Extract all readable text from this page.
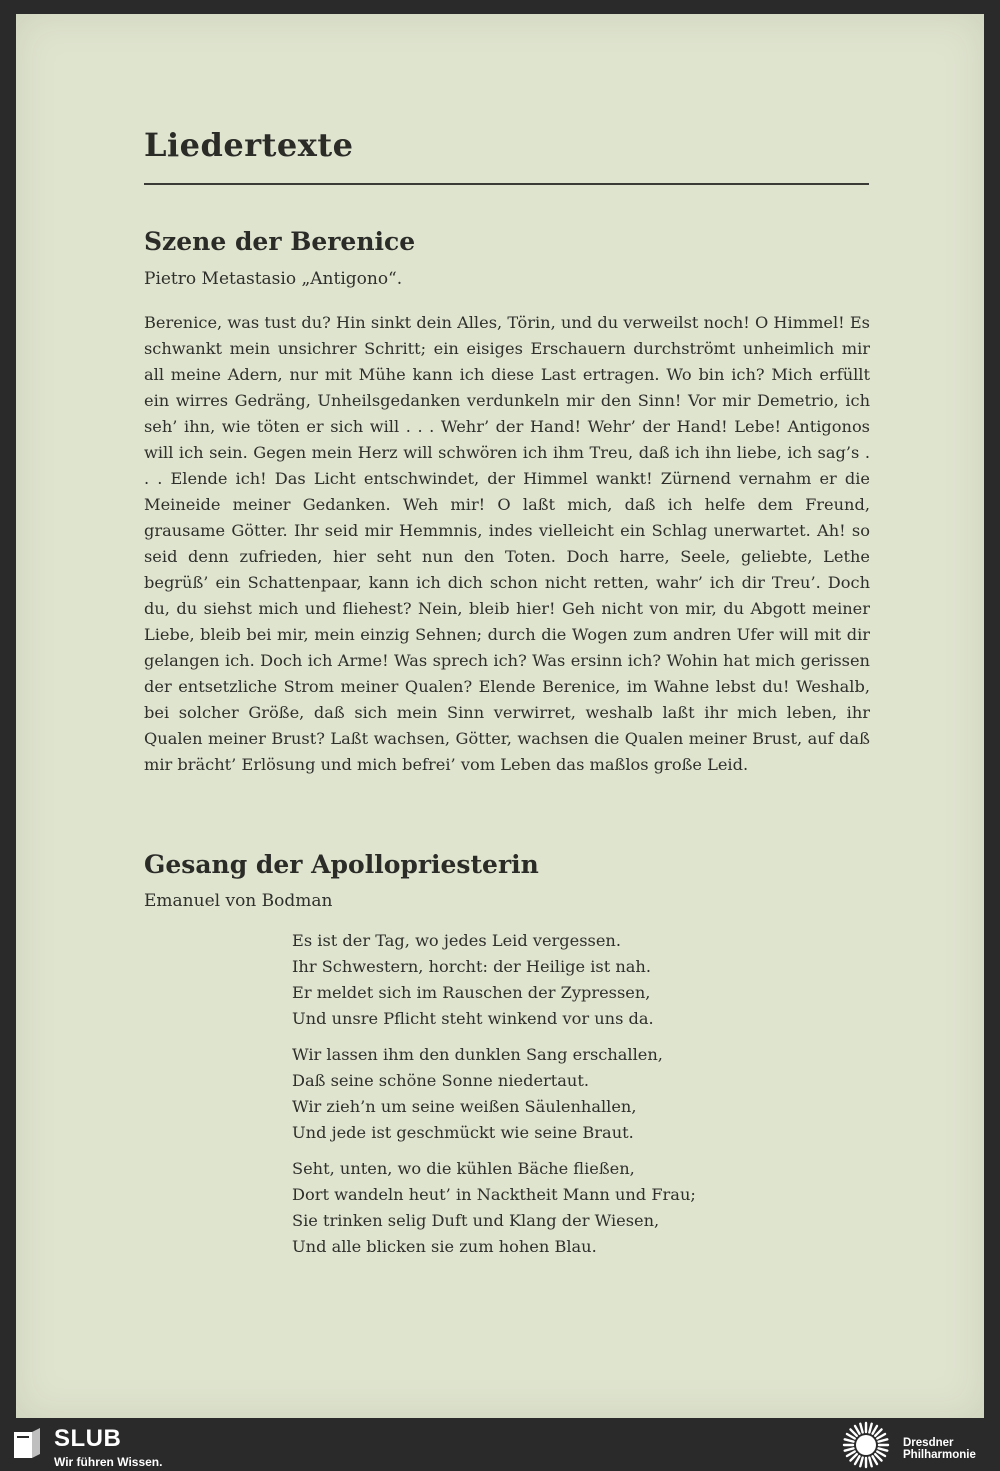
Liedertexte
Szene der Berenice

Pietro Metastasio „Antigono“.

Berenice, was tust du? Hin sinkt dein Alles, Törin, und du verweilst noch! O Himmel! Es schwankt mein unsichrer Schritt; ein eisiges Erschauern durchströmt unheimlich mir all meine Adern, nur mit Mühe kann ich diese Last ertragen. Wo bin ich? Mich erfüllt ein wirres Gedräng, Unheilsgedanken verdunkeln mir den Sinn! Vor mir Demetrio, ich seh’ ihn, wie töten er sich will . . . Wehr’ der Hand! Wehr’ der Hand! Lebe! Antigonos will ich sein. Gegen mein Herz will schwören ich ihm Treu, daß ich ihn liebe, ich sag’s . . . Elende ich! Das Licht entschwindet, der Himmel wankt! Zürnend vernahm er die Meineide meiner Gedanken. Weh mir! O laßt mich, daß ich helfe dem Freund, grausame Götter. Ihr seid mir Hemmnis, indes vielleicht ein Schlag unerwartet. Ah! so seid denn zufrieden, hier seht nun den Toten. Doch harre, Seele, geliebte, Lethe begrüß’ ein Schattenpaar, kann ich dich schon nicht retten, wahr’ ich dir Treu’. Doch du, du siehst mich und fliehest? Nein, bleib hier! Geh nicht von mir, du Abgott meiner Liebe, bleib bei mir, mein einzig Sehnen; durch die Wogen zum andren Ufer will mit dir gelangen ich. Doch ich Arme! Was sprech ich? Was ersinn ich? Wohin hat mich gerissen der entsetzliche Strom meiner Qualen? Elende Berenice, im Wahne lebst du! Weshalb, bei solcher Größe, daß sich mein Sinn verwirret, weshalb laßt ihr mich leben, ihr Qualen meiner Brust? Laßt wachsen, Götter, wachsen die Qualen meiner Brust, auf daß mir brächt’ Erlösung und mich befrei’ vom Leben das maßlos große Leid.

Gesang der Apollopriesterin

Emanuel von Bodman

Es ist der Tag, wo jedes Leid vergessen.
Ihr Schwestern, horcht: der Heilige ist nah.
Er meldet sich im Rauschen der Zypressen,
Und unsre Pflicht steht winkend vor uns da.
Wir lassen ihm den dunklen Sang erschallen,
Daß seine schöne Sonne niedertaut.
Wir zieh’n um seine weißen Säulenhallen,
Und jede ist geschmückt wie seine Braut.
Seht, unten, wo die kühlen Bäche fließen,
Dort wandeln heut’ in Nacktheit Mann und Frau;
Sie trinken selig Duft und Klang der Wiesen,
Und alle blicken sie zum hohen Blau.
SLUB
Wir führen Wissen.
Dresdner
Philharmonie
